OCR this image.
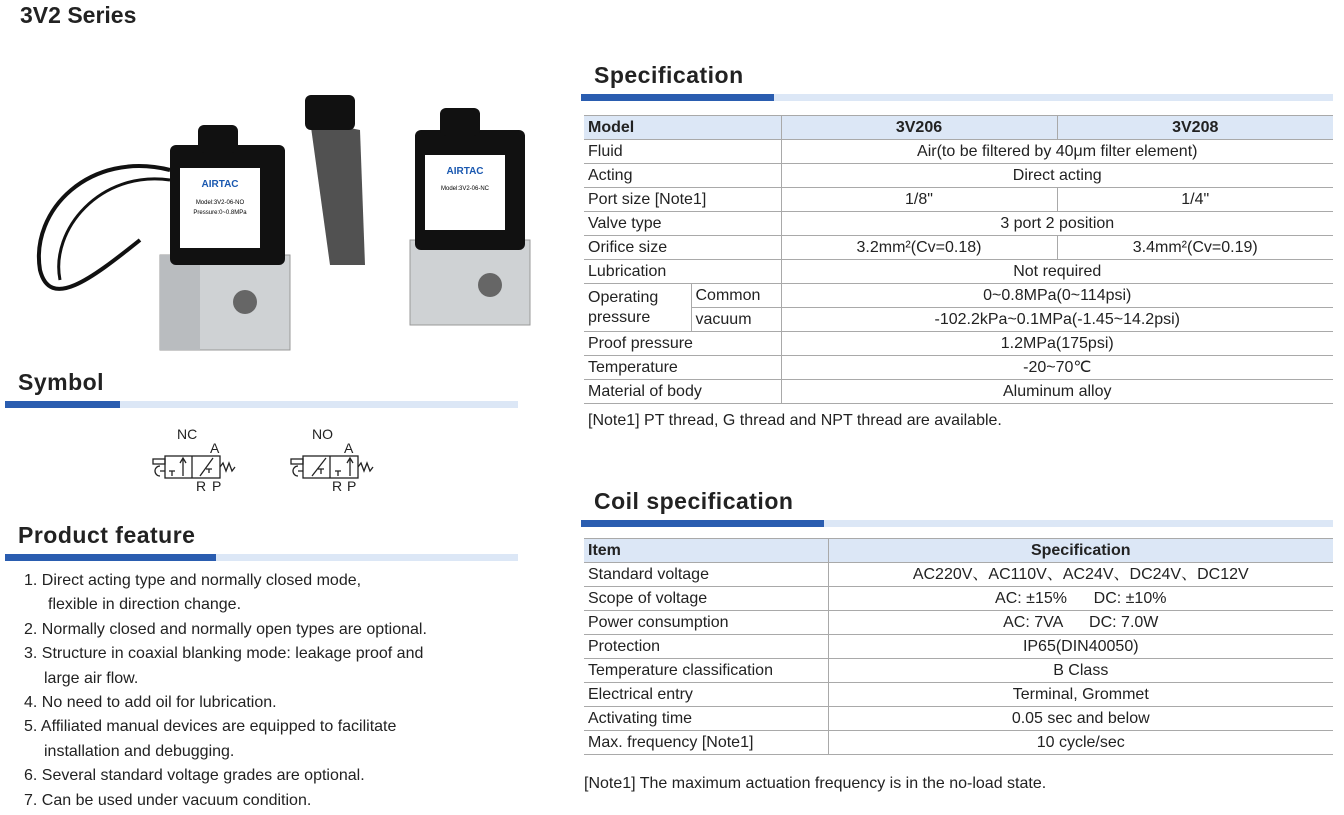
3V2 Series
AIRTAC
Model:3V2-06-NO
Pressure:0~0.8MPa
AIRTAC
Model:3V2-06-NC
Symbol
NC
A
R P
NO
A
R P
Product feature
1. Direct acting type and normally closed mode,
flexible in direction change.
2. Normally closed and normally open types are optional.
3. Structure in coaxial blanking mode: leakage proof and
large air flow.
4. No need to add oil for lubrication.
5. Affiliated manual devices are equipped to facilitate
installation and debugging.
6. Several standard voltage grades are optional.
7. Can be used under vacuum condition.
Specification
Model		3V206	3V208
Fluid		Air(to be filtered by 40μm filter element)	
Acting		Direct acting	
Port size [Note1]		1/8"	1/4"
Valve type		3 port 2 position	
Orifice size		3.2mm²(Cv=0.18)	3.4mm²(Cv=0.19)
Lubrication		Not required	
Operating pressure	Common	0~0.8MPa(0~114psi)	
	vacuum	-102.2kPa~0.1MPa(-1.45~14.2psi)	
Proof pressure		1.2MPa(175psi)	
Temperature		-20~70℃	
Material of body		Aluminum alloy	
[Note1] PT thread, G thread and NPT thread are available.
Coil specification
Item	Specification
Standard voltage	AC220V、AC110V、AC24V、DC24V、DC12V
Scope of voltage	AC: ±15%      DC: ±10%
Power consumption	AC: 7VA      DC: 7.0W
Protection	IP65(DIN40050)
Temperature classification	B Class
Electrical entry	Terminal, Grommet
Activating time	0.05 sec and below
Max. frequency [Note1]	10 cycle/sec
[Note1] The maximum actuation frequency is in the no-load state.
